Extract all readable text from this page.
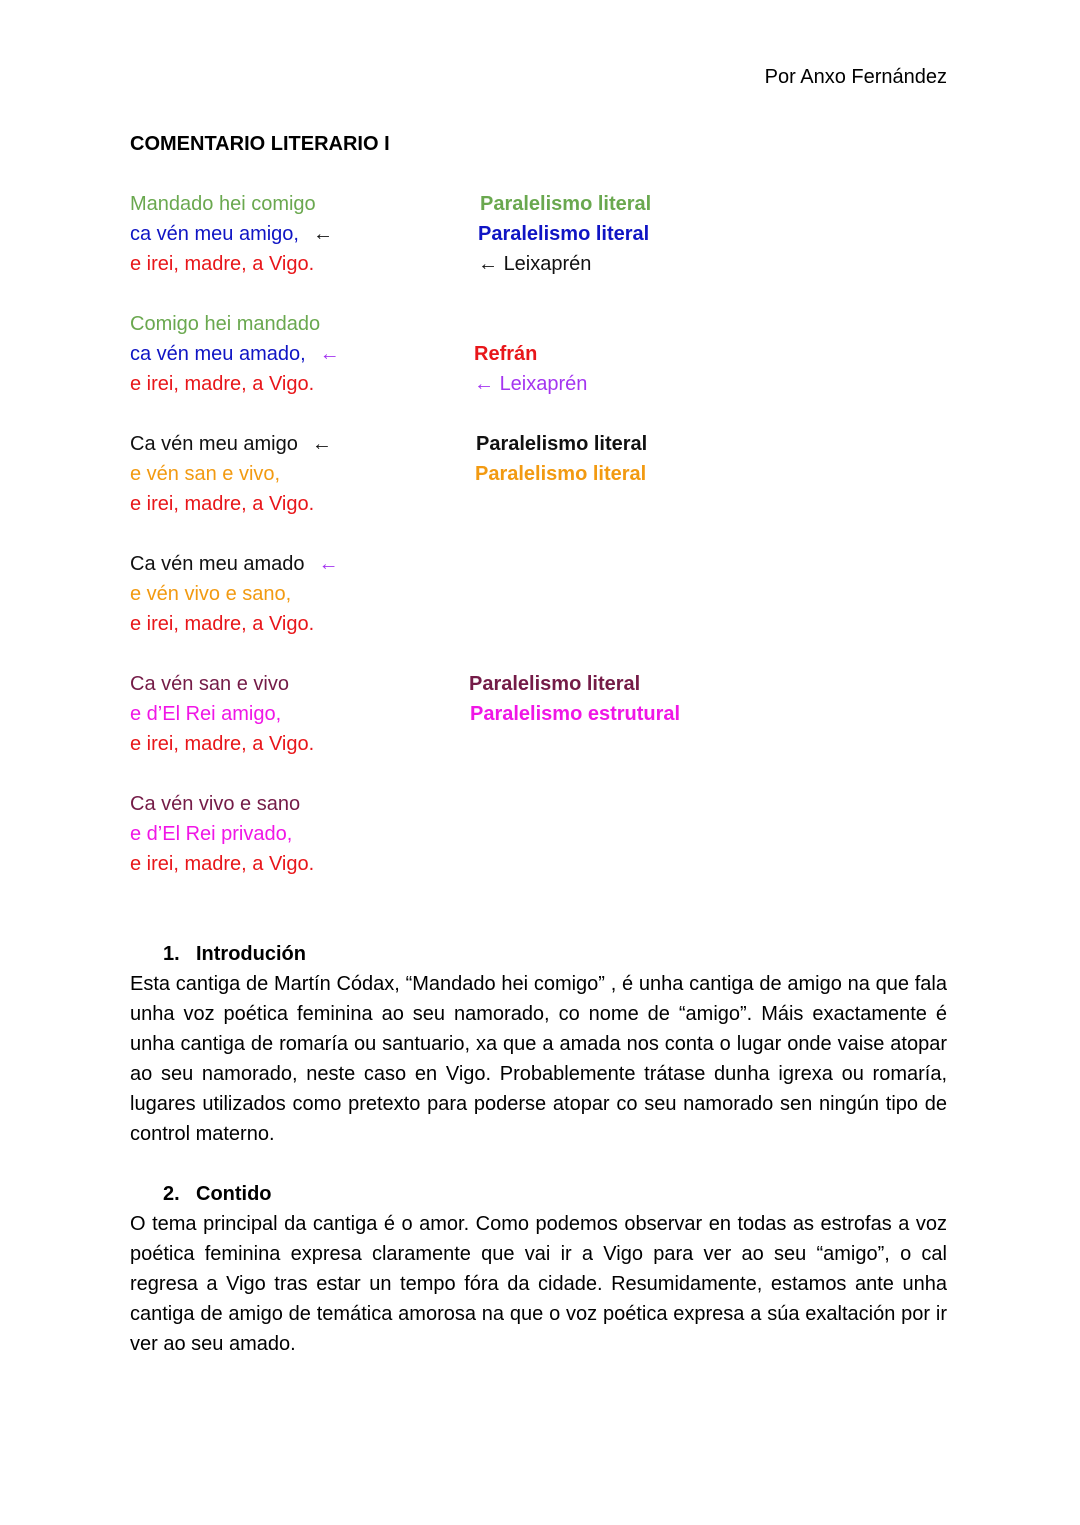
Por Anxo Fernández
COMENTARIO LITERARIO I
Mandado hei comigo
ca vén meu amigo, ←
e irei, madre, a Vigo.
Paralelismo literal
Paralelismo literal
← Leixaprén
Comigo hei mandado
ca vén meu amado, ←
e irei, madre, a Vigo.
Refrán
← Leixaprén
Ca vén meu amigo ←
e vén san e vivo,
e irei, madre, a Vigo.
Paralelismo literal
Paralelismo literal
Ca vén meu amado ←
e vén vivo e sano,
e irei, madre, a Vigo.
Ca vén san e vivo
e d’El Rei amigo,
e irei, madre, a Vigo.
Paralelismo literal
Paralelismo estrutural
Ca vén vivo e sano
e d’El Rei privado,
e irei, madre, a Vigo.
1. Introdución

Esta cantiga de Martín Códax, “Mandado hei comigo” , é unha cantiga de amigo na que fala unha voz poética feminina ao seu namorado, co nome de “amigo”. Máis exactamente é unha cantiga de romaría ou santuario, xa que a amada nos conta o lugar onde vaise atopar ao seu namorado, neste caso en Vigo. Probablemente trátase dunha igrexa ou romaría, lugares utilizados como pretexto para poderse atopar co seu namorado sen ningún tipo de control materno.

2. Contido

O tema principal da cantiga é o amor. Como podemos observar en todas as estrofas a voz poética feminina expresa claramente que vai ir a Vigo para ver ao seu “amigo”, o cal regresa a Vigo tras estar un tempo fóra da cidade. Resumidamente, estamos ante unha cantiga de amigo de temática amorosa na que o voz poética expresa a súa exaltación por ir ver ao seu amado.
